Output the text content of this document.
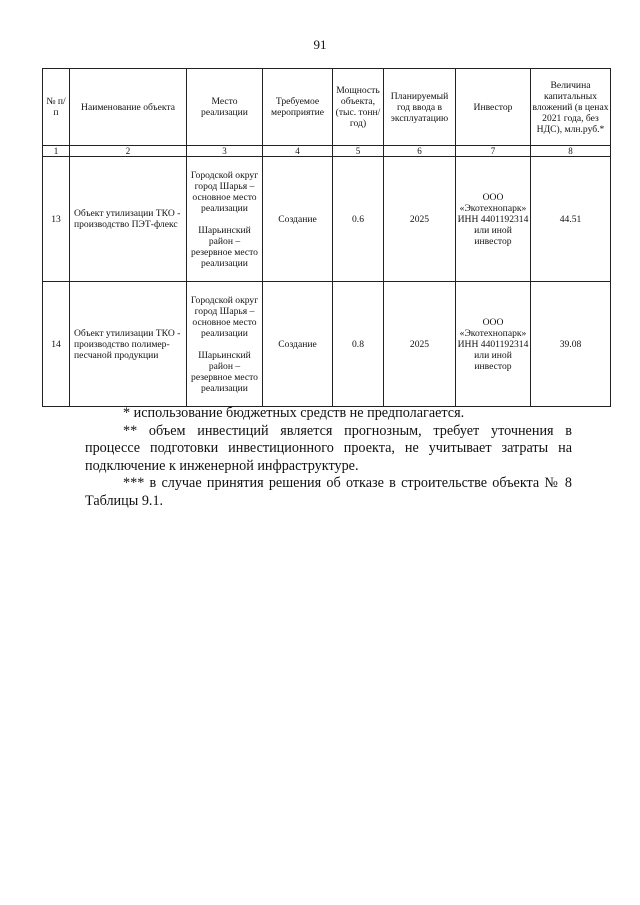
91
№ п/п	Наименование объекта	Место реализации	Требуемое мероприятие	Мощность объекта, (тыс. тонн/год)	Планируемый год ввода в эксплуатацию	Инвестор	Величина капитальных вложений (в ценах 2021 года, без НДС), млн.руб.*
1	2	3	4	5	6	7	8
13	Объект утилизации ТКО - производство ПЭТ-флекс	Городской округ город Шарья – основное место реализации
Шарьинский район – резервное место реализации	Создание	0.6	2025	ООО «Экотехнопарк» ИНН 4401192314 или иной инвестор	44.51
14	Объект утилизации ТКО - производство полимер-песчаной продукции	Городской округ город Шарья – основное место реализации
Шарьинский район – резервное место реализации	Создание	0.8	2025	ООО «Экотехнопарк» ИНН 4401192314 или иной инвестор	39.08

* использование бюджетных средств не предполагается.

** объем инвестиций является прогнозным, требует уточнения в процессе подготовки инвестиционного проекта, не учитывает затраты на подключение к инженерной инфраструктуре.

*** в случае принятия решения об отказе в строительстве объекта № 8 Таблицы 9.1.
